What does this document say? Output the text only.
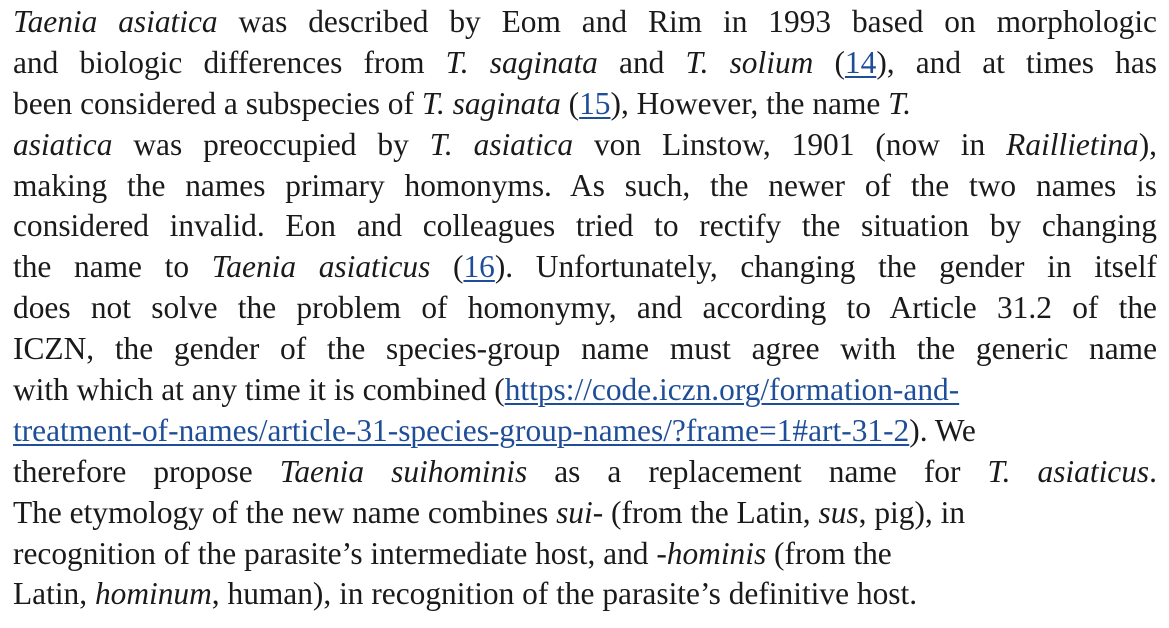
Taenia asiatica was described by Eom and Rim in 1993 based on morphologic
and biologic differences from T. saginata and T. solium (14), and at times has
been considered a subspecies of T. saginata (15), However, the name T.
asiatica was preoccupied by T. asiatica von Linstow, 1901 (now in Raillietina),
making the names primary homonyms. As such, the newer of the two names is
considered invalid. Eon and colleagues tried to rectify the situation by changing
the name to Taenia asiaticus (16). Unfortunately, changing the gender in itself
does not solve the problem of homonymy, and according to Article 31.2 of the
ICZN, the gender of the species-group name must agree with the generic name
with which at any time it is combined (https://code.iczn.org/formation-and-
treatment-of-names/article-31-species-group-names/?frame=1#art-31-2). We
therefore propose Taenia suihominis as a replacement name for T. asiaticus.
The etymology of the new name combines sui- (from the Latin, sus, pig), in
recognition of the parasite’s intermediate host, and -hominis (from the
Latin, hominum, human), in recognition of the parasite’s definitive host.
